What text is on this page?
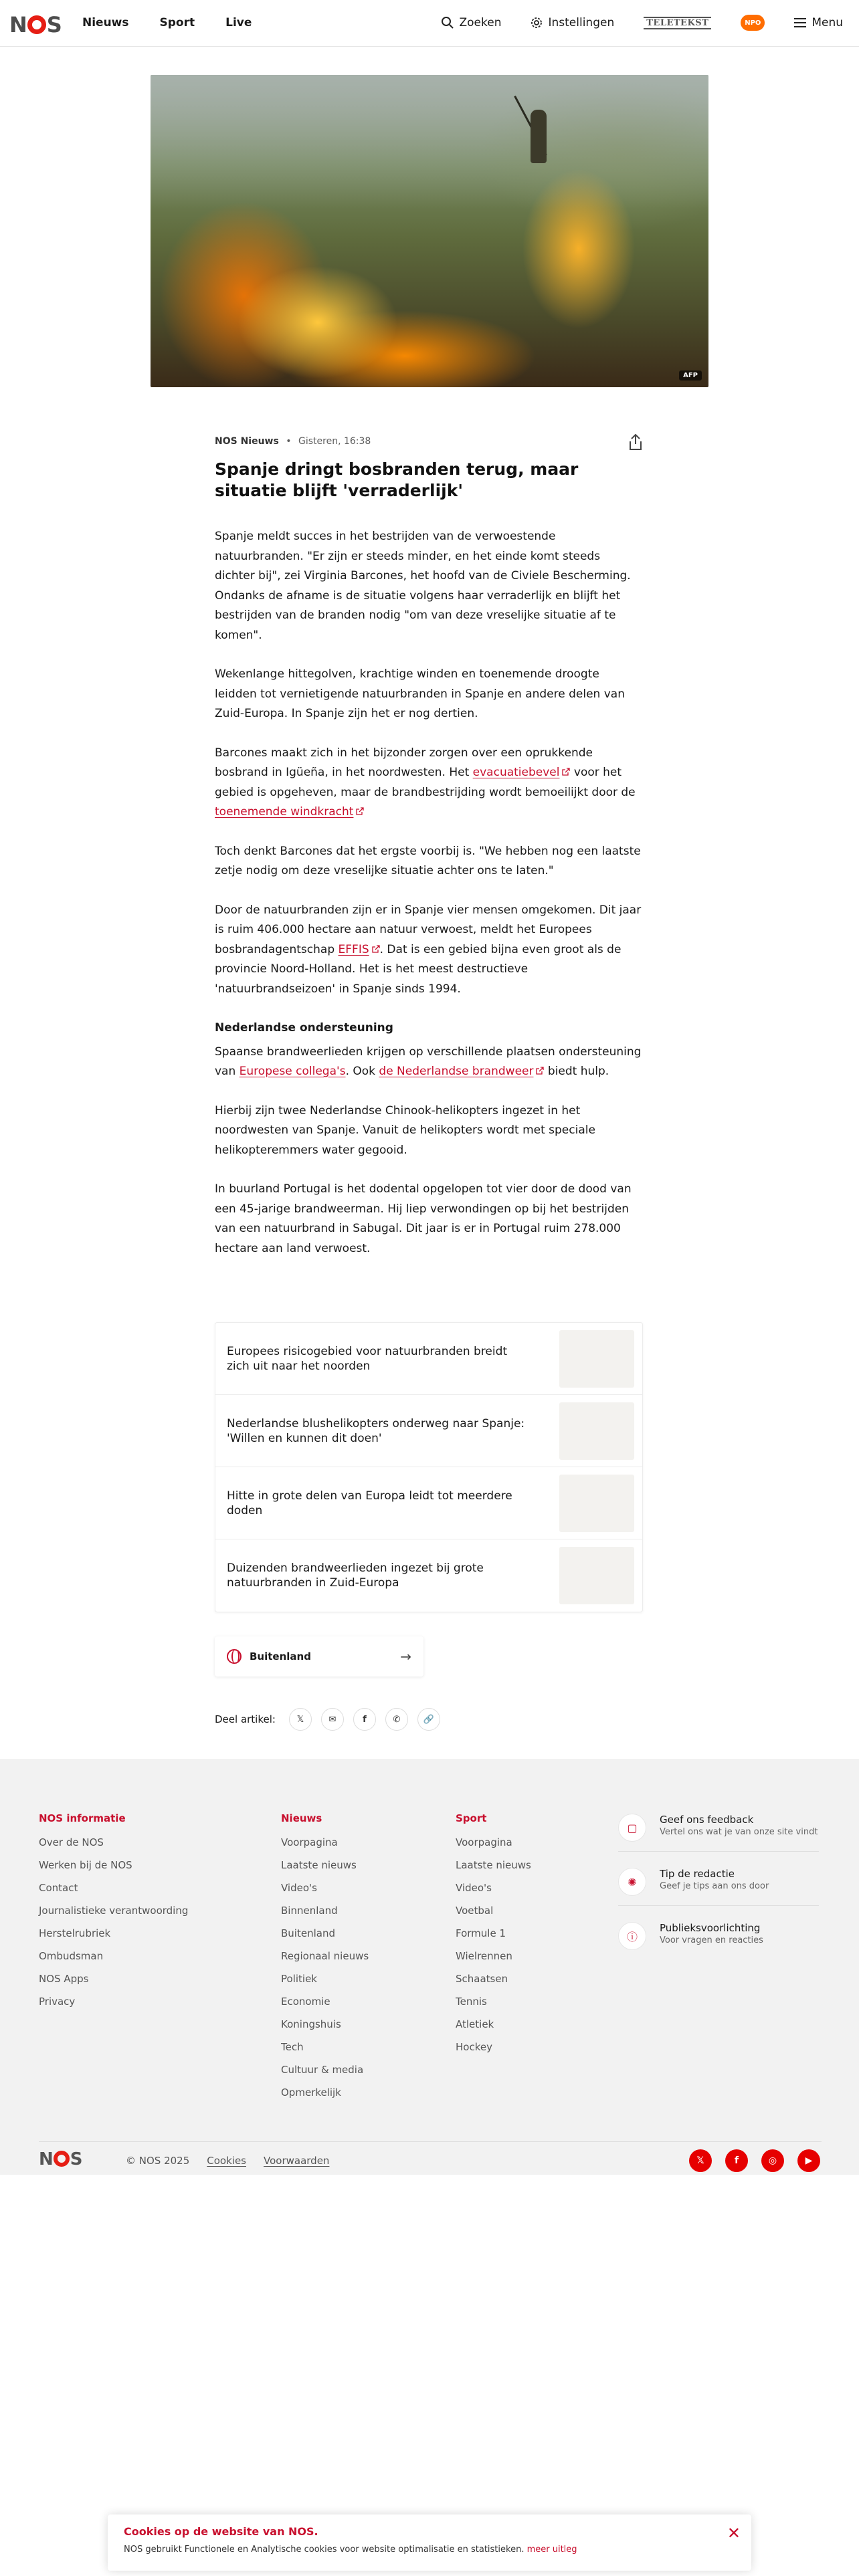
N S Nieuws	Sport	Live	Zoeken	Instellingen	TELETEKST	NPO	Menu
AFP
NOS Nieuws • Gisteren, 16:38
Spanje dringt bosbranden terug, maar situatie blijft 'verraderlijk'

Spanje meldt succes in het bestrijden van de verwoestende natuurbranden. "Er zijn er steeds minder, en het einde komt steeds dichter bij", zei Virginia Barcones, het hoofd van de Civiele Bescherming. Ondanks de afname is de situatie volgens haar verraderlijk en blijft het bestrijden van de branden nodig "om van deze vreselijke situatie af te komen".

Wekenlange hittegolven, krachtige winden en toenemende droogte leidden tot vernietigende natuurbranden in Spanje en andere delen van Zuid-Europa. In Spanje zijn het er nog dertien.

Barcones maakt zich in het bijzonder zorgen over een oprukkende bosbrand in Igüeña, in het noordwesten. Het evacuatiebevel voor het gebied is opgeheven, maar de brandbestrijding wordt bemoeilijkt door de toenemende windkracht

Toch denkt Barcones dat het ergste voorbij is. "We hebben nog een laatste zetje nodig om deze vreselijke situatie achter ons te laten."

Door de natuurbranden zijn er in Spanje vier mensen omgekomen. Dit jaar is ruim 406.000 hectare aan natuur verwoest, meldt het Europees bosbrandagentschap EFFIS . Dat is een gebied bijna even groot als de provincie Noord-Holland. Het is het meest destructieve 'natuurbrandseizoen' in Spanje sinds 1994.

Nederlandse ondersteuning

Spaanse brandweerlieden krijgen op verschillende plaatsen ondersteuning van Europese collega's. Ook de Nederlandse brandweer biedt hulp.

Hierbij zijn twee Nederlandse Chinook-helikopters ingezet in het noordwesten van Spanje. Vanuit de helikopters wordt met speciale helikopteremmers water gegooid.

In buurland Portugal is het dodental opgelopen tot vier door de dood van een 45-jarige brandweerman. Hij liep verwondingen op bij het bestrijden van een natuurbrand in Sabugal. Dit jaar is er in Portugal ruim 278.000 hectare aan land verwoest.

Europees risicogebied voor natuurbranden breidt zich uit naar het noorden
Nederlandse blushelikopters onderweg naar Spanje: 'Willen en kunnen dit doen'
Hitte in grote delen van Europa leidt tot meerdere doden
Duizenden brandweerlieden ingezet bij grote natuurbranden in Zuid-Europa
Buitenland	→
Deel artikel:	𝕏	✉	f	✆	🔗
NOS informatie
Over de NOS
Werken bij de NOS
Contact
Journalistieke verantwoording
Herstelrubriek
Ombudsman
NOS Apps
Privacy
Nieuws
Voorpagina
Laatste nieuws
Video's
Binnenland
Buitenland
Regionaal nieuws
Politiek
Economie
Koningshuis
Tech
Cultuur & media
Opmerkelijk
Sport
Voorpagina
Laatste nieuws
Video's
Voetbal
Formule 1
Wielrennen
Schaatsen
Tennis
Atletiek
Hockey
▢
Geef ons feedback
Vertel ons wat je van onze site vindt
✺
Tip de redactie
Geef je tips aan ons door
ⓘ
Publieksvoorlichting
Voor vragen en reacties
N S	© NOS 2025 Cookies Voorwaarden	𝕏	f	◎	▶
Cookies op de website van NOS.
NOS gebruikt Functionele en Analytische cookies voor website optimalisatie en statistieken. meer uitleg
✕
